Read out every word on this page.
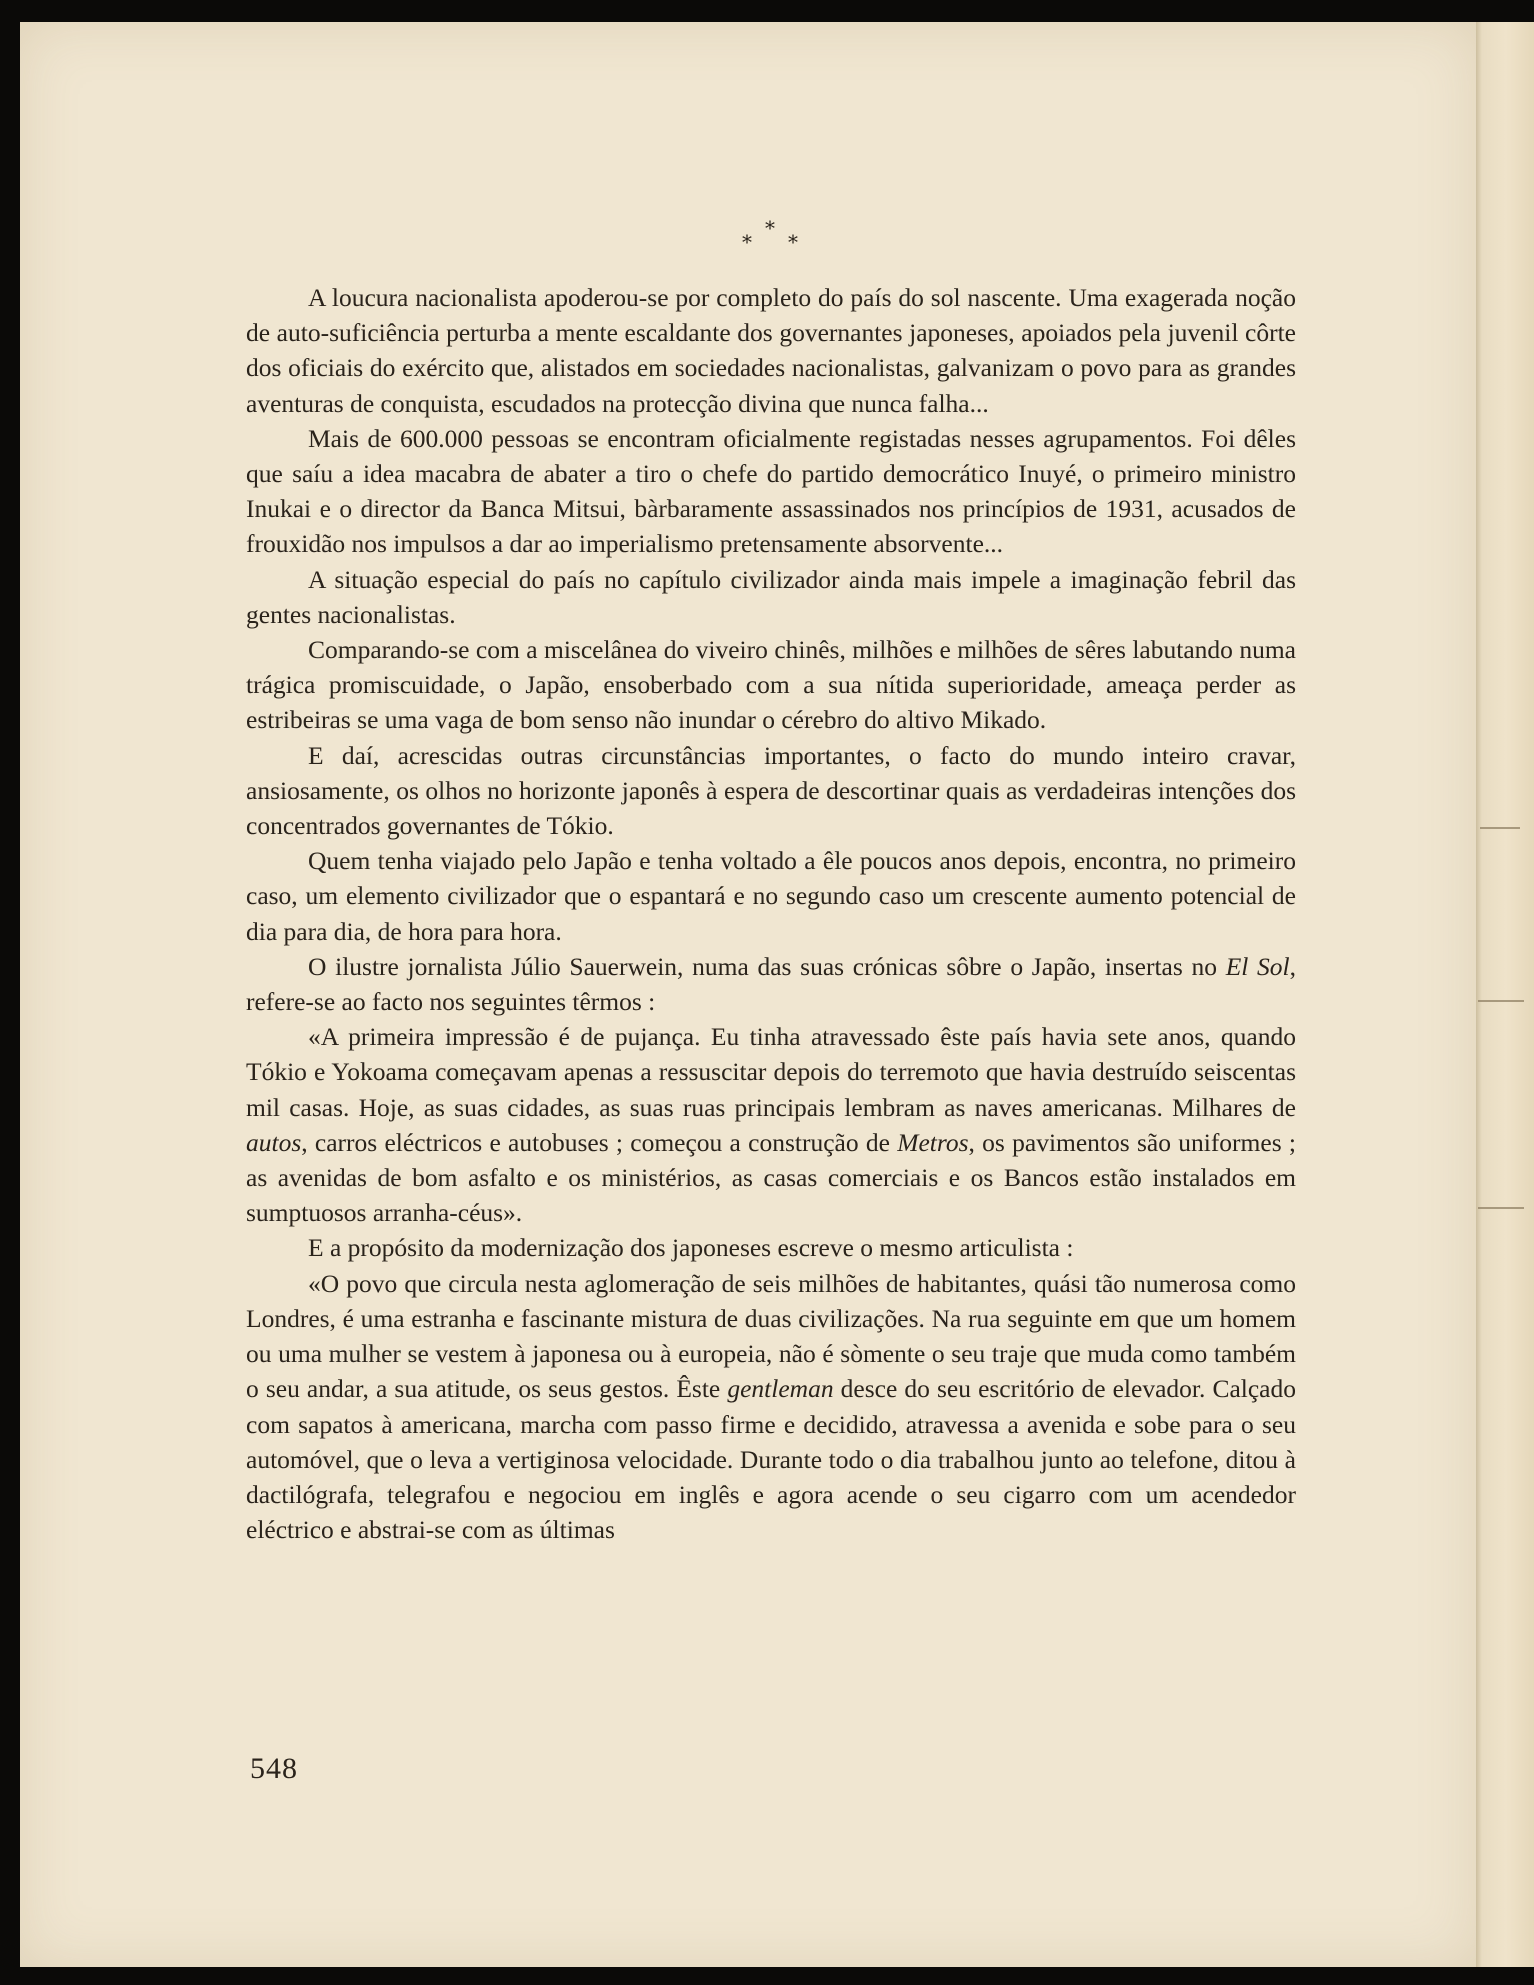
*
* *

A loucura nacionalista apoderou-se por completo do país do sol nascente. Uma exagerada noção de auto-suficiência perturba a mente escaldante dos governantes japoneses, apoiados pela juvenil côrte dos oficiais do exército que, alistados em sociedades nacionalistas, galvanizam o povo para as grandes aventuras de conquista, escudados na protecção divina que nunca falha...

Mais de 600.000 pessoas se encontram oficialmente registadas nesses agrupamentos. Foi dêles que saíu a idea macabra de abater a tiro o chefe do partido democrático Inuyé, o primeiro ministro Inukai e o director da Banca Mitsui, bàrbaramente assassinados nos princípios de 1931, acusados de frouxidão nos impulsos a dar ao imperialismo pretensamente absorvente...

A situação especial do país no capítulo civilizador ainda mais impele a imaginação febril das gentes nacionalistas.

Comparando-se com a miscelânea do viveiro chinês, milhões e milhões de sêres labutando numa trágica promiscuidade, o Japão, ensoberbado com a sua nítida superioridade, ameaça perder as estribeiras se uma vaga de bom senso não inundar o cérebro do altivo Mikado.

E daí, acrescidas outras circunstâncias importantes, o facto do mundo inteiro cravar, ansiosamente, os olhos no horizonte japonês à espera de descortinar quais as verdadeiras intenções dos concentrados governantes de Tókio.

Quem tenha viajado pelo Japão e tenha voltado a êle poucos anos depois, encontra, no primeiro caso, um elemento civilizador que o espantará e no segundo caso um crescente aumento potencial de dia para dia, de hora para hora.

O ilustre jornalista Júlio Sauerwein, numa das suas crónicas sôbre o Japão, insertas no El Sol, refere-se ao facto nos seguintes têrmos :

«A primeira impressão é de pujança. Eu tinha atravessado êste país havia sete anos, quando Tókio e Yokoama começavam apenas a ressuscitar depois do terremoto que havia destruído seiscentas mil casas. Hoje, as suas cidades, as suas ruas principais lembram as naves americanas. Milhares de autos, carros eléctricos e autobuses ; começou a construção de Metros, os pavimentos são uniformes ; as avenidas de bom asfalto e os ministérios, as casas comerciais e os Bancos estão instalados em sumptuosos arranha-céus».

E a propósito da modernização dos japoneses escreve o mesmo articulista :

«O povo que circula nesta aglomeração de seis milhões de habitantes, quási tão numerosa como Londres, é uma estranha e fascinante mistura de duas civilizações. Na rua seguinte em que um homem ou uma mulher se vestem à japonesa ou à europeia, não é sòmente o seu traje que muda como também o seu andar, a sua atitude, os seus gestos. Êste gentleman desce do seu escritório de elevador. Calçado com sapatos à americana, marcha com passo firme e decidido, atravessa a avenida e sobe para o seu automóvel, que o leva a vertiginosa velocidade. Durante todo o dia trabalhou junto ao telefone, ditou à dactilógrafa, telegrafou e negociou em inglês e agora acende o seu cigarro com um acendedor eléctrico e abstrai-se com as últimas

548
